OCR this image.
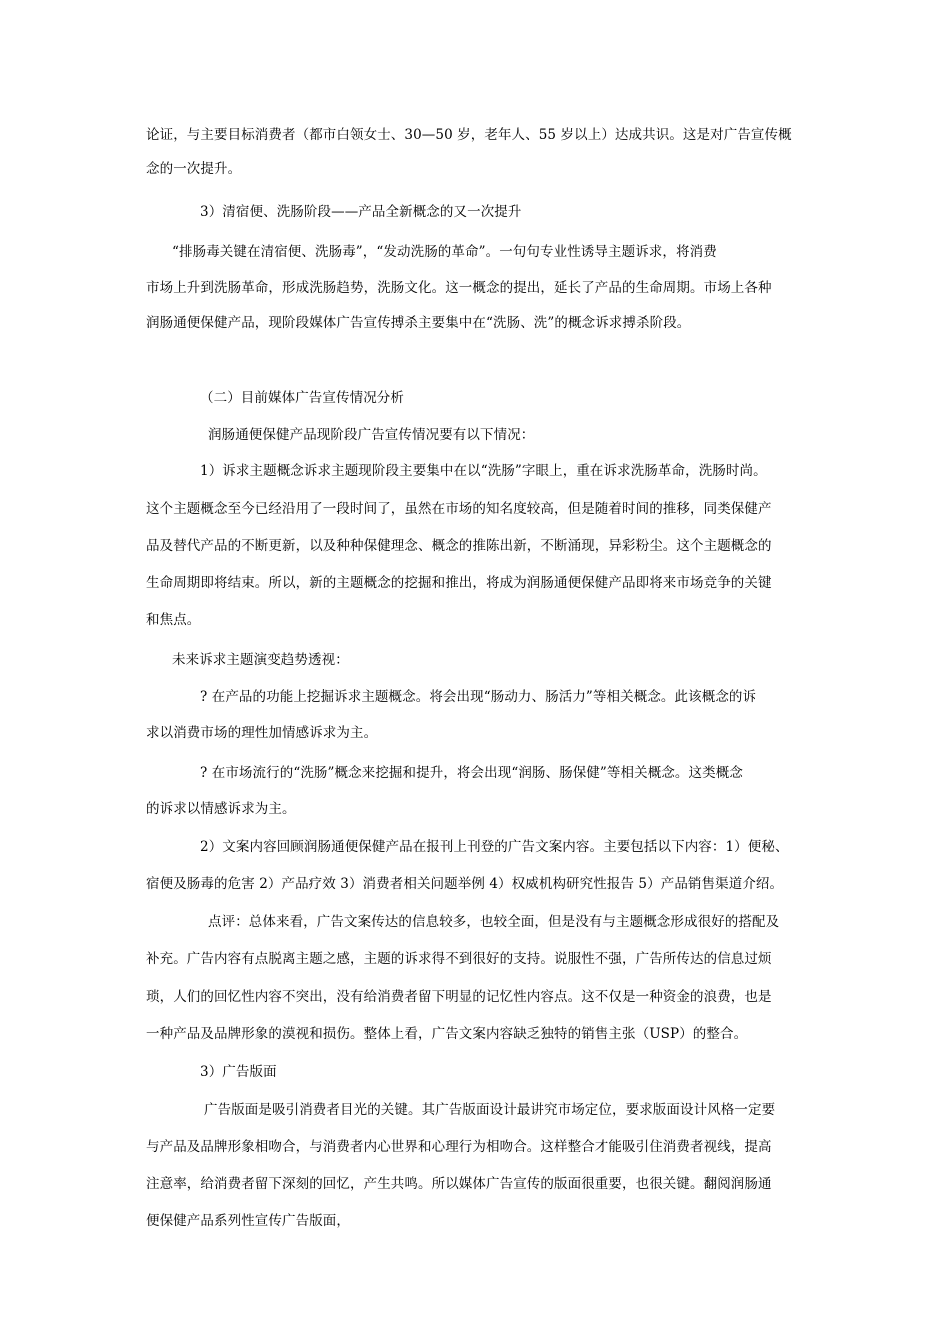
论证，与主要目标消费者（都市白领女士、30—50 岁，老年人、55 岁以上）达成共识。这是对广告宣传概
念的一次提升。
3）清宿便、洗肠阶段——产品全新概念的又一次提升
“排肠毒关键在清宿便、洗肠毒”，“发动洗肠的革命”。一句句专业性诱导主题诉求，将消费
市场上升到洗肠革命，形成洗肠趋势，洗肠文化。这一概念的提出，延长了产品的生命周期。市场上各种
润肠通便保健产品，现阶段媒体广告宣传搏杀主要集中在“洗肠、洗”的概念诉求搏杀阶段。
（二）目前媒体广告宣传情况分析
润肠通便保健产品现阶段广告宣传情况要有以下情况：
1）诉求主题概念诉求主题现阶段主要集中在以“洗肠”字眼上，重在诉求洗肠革命，洗肠时尚。
这个主题概念至今已经沿用了一段时间了，虽然在市场的知名度较高，但是随着时间的推移，同类保健产
品及替代产品的不断更新，以及种种保健理念、概念的推陈出新，不断涌现，异彩粉尘。这个主题概念的
生命周期即将结束。所以，新的主题概念的挖掘和推出，将成为润肠通便保健产品即将来市场竞争的关键
和焦点。
未来诉求主题演变趋势透视：
? 在产品的功能上挖掘诉求主题概念。将会出现“肠动力、肠活力”等相关概念。此该概念的诉
求以消费市场的理性加情感诉求为主。
? 在市场流行的“洗肠”概念来挖掘和提升，将会出现“润肠、肠保健”等相关概念。这类概念
的诉求以情感诉求为主。
2）文案内容回顾润肠通便保健产品在报刊上刊登的广告文案内容。主要包括以下内容：1）便秘、
宿便及肠毒的危害 2）产品疗效 3）消费者相关问题举例 4）权威机构研究性报告 5）产品销售渠道介绍。
点评：总体来看，广告文案传达的信息较多，也较全面，但是没有与主题概念形成很好的搭配及
补充。广告内容有点脱离主题之感，主题的诉求得不到很好的支持。说服性不强，广告所传达的信息过烦
琐，人们的回忆性内容不突出，没有给消费者留下明显的记忆性内容点。这不仅是一种资金的浪费，也是
一种产品及品牌形象的漠视和损伤。整体上看，广告文案内容缺乏独特的销售主张（USP）的整合。
3）广告版面
广告版面是吸引消费者目光的关键。其广告版面设计最讲究市场定位，要求版面设计风格一定要
与产品及品牌形象相吻合，与消费者内心世界和心理行为相吻合。这样整合才能吸引住消费者视线，提高
注意率，给消费者留下深刻的回忆，产生共鸣。所以媒体广告宣传的版面很重要，也很关键。翻阅润肠通
便保健产品系列性宣传广告版面，
